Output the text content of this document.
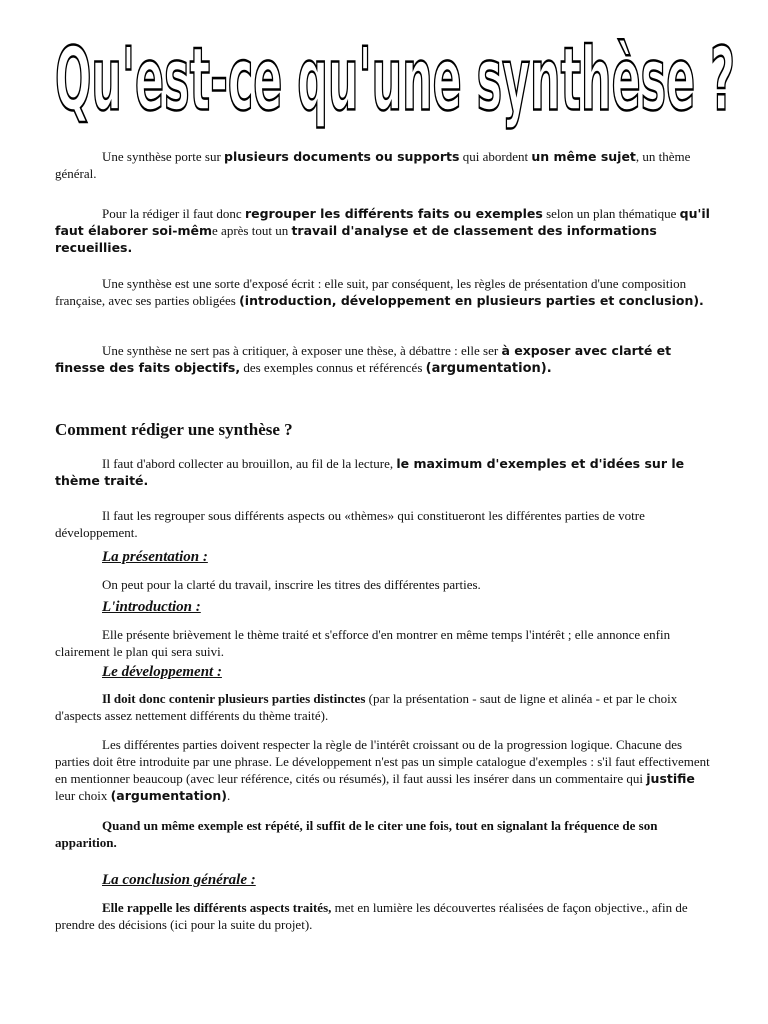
Qu'est-ce qu'une synthèse ?

Une synthèse porte sur plusieurs documents ou supports qui abordent un même sujet, un thème général.

Pour la rédiger il faut donc regrouper les différents faits ou exemples selon un plan thématique qu'il faut élaborer soi-même après tout un travail d'analyse et de classement des informations recueillies.

Une synthèse est une sorte d'exposé écrit : elle suit, par conséquent, les règles de présentation d'une composition française, avec ses parties obligées (introduction, développement en plusieurs parties et conclusion).

Une synthèse ne sert pas à critiquer, à exposer une thèse, à débattre : elle ser à exposer avec clarté et finesse des faits objectifs, des exemples connus et référencés (argumentation).

Comment rédiger une synthèse ?

Il faut d'abord collecter au brouillon, au fil de la lecture, le maximum d'exemples et d'idées sur le thème traité.

Il faut les regrouper sous différents aspects ou «thèmes» qui constitueront les différentes parties de votre développement.

La présentation :

On peut pour la clarté du travail, inscrire les titres des différentes parties.

L'introduction :

Elle présente brièvement le thème traité et s'efforce d'en montrer en même temps l'intérêt ; elle annonce enfin clairement le plan qui sera suivi.

Le développement :

Il doit donc contenir plusieurs parties distinctes (par la présentation - saut de ligne et alinéa - et par le choix d'aspects assez nettement différents du thème traité).

Les différentes parties doivent respecter la règle de l'intérêt croissant ou de la progression logique. Chacune des parties doit être introduite par une phrase. Le développement n'est pas un simple catalogue d'exemples : s'il faut effectivement en mentionner beaucoup (avec leur référence, cités ou résumés), il faut aussi les insérer dans un commentaire qui justifie leur choix (argumentation).

Quand un même exemple est répété, il suffit de le citer une fois, tout en signalant la fréquence de son apparition.

La conclusion générale :

Elle rappelle les différents aspects traités, met en lumière les découvertes réalisées de façon objective., afin de prendre des décisions (ici pour la suite du projet).
